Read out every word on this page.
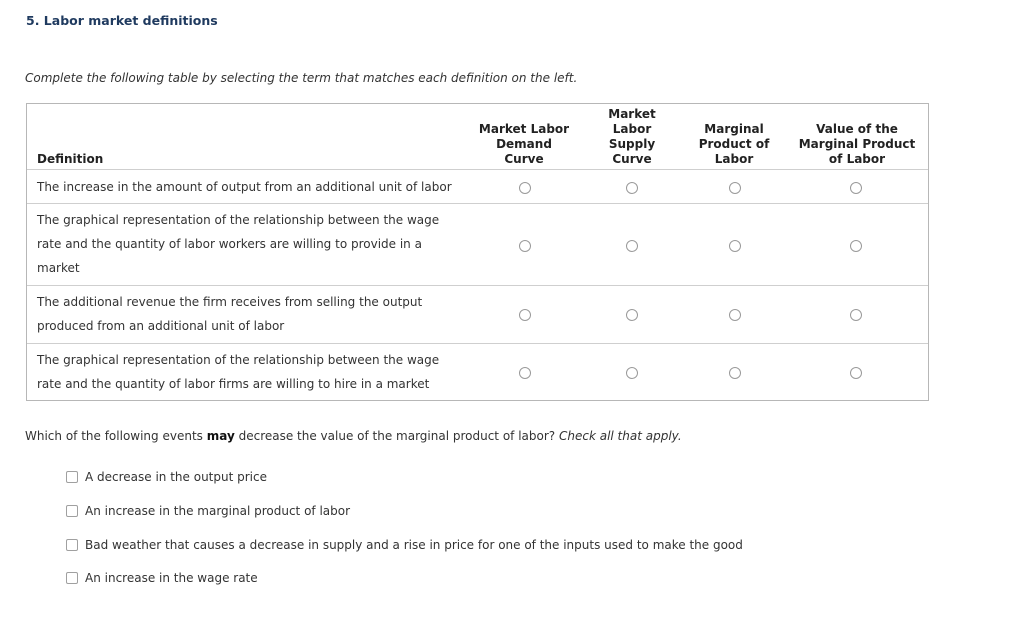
5. Labor market definitions
Complete the following table by selecting the term that matches each definition on the left.
Definition
Market Labor
Demand
Curve
Market
Labor
Supply
Curve
Marginal
Product of
Labor
Value of the
Marginal Product
of Labor
The increase in the amount of output from an additional unit of labor
The graphical representation of the relationship between the wage
rate and the quantity of labor workers are willing to provide in a
market
The additional revenue the firm receives from selling the output
produced from an additional unit of labor
The graphical representation of the relationship between the wage
rate and the quantity of labor firms are willing to hire in a market
Which of the following events may decrease the value of the marginal product of labor? Check all that apply.
A decrease in the output price
An increase in the marginal product of labor
Bad weather that causes a decrease in supply and a rise in price for one of the inputs used to make the good
An increase in the wage rate
